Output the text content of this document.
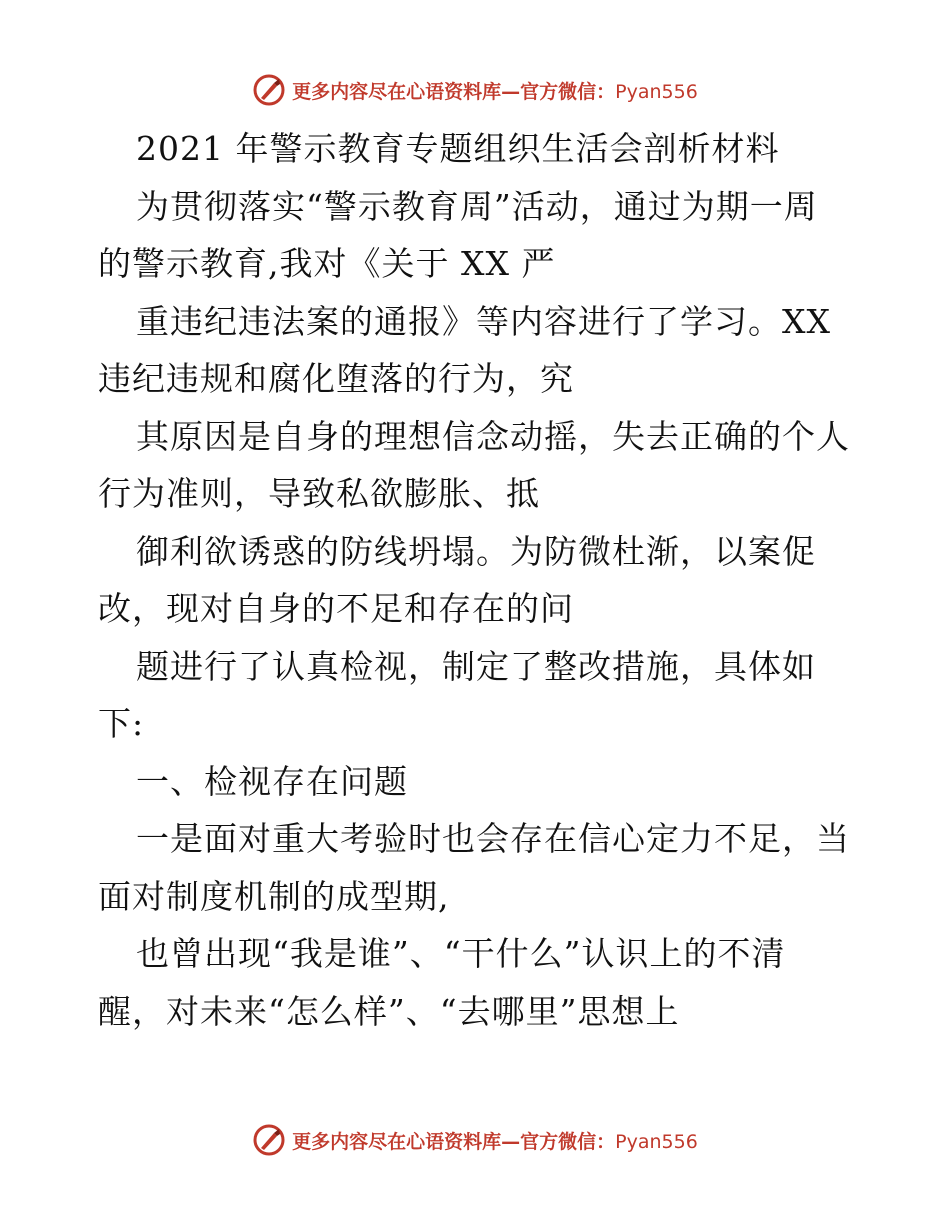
更多内容尽在心语资料库—官方微信：Pyan556
2021 年警示教育专题组织生活会剖析材料
为贯彻落实“警示教育周”活动，通过为期一周
的警示教育,我对《关于 XX 严
重违纪违法案的通报》等内容进行了学习。XX
违纪违规和腐化堕落的行为，究
其原因是自身的理想信念动摇，失去正确的个人
行为准则，导致私欲膨胀、抵
御利欲诱惑的防线坍塌。为防微杜渐，以案促
改，现对自身的不足和存在的问
题进行了认真检视，制定了整改措施，具体如
下:
一、检视存在问题
一是面对重大考验时也会存在信心定力不足，当
面对制度机制的成型期,
也曾出现“我是谁”、“干什么”认识上的不清
醒，对未来“怎么样”、“去哪里”思想上
更多内容尽在心语资料库—官方微信：Pyan556
